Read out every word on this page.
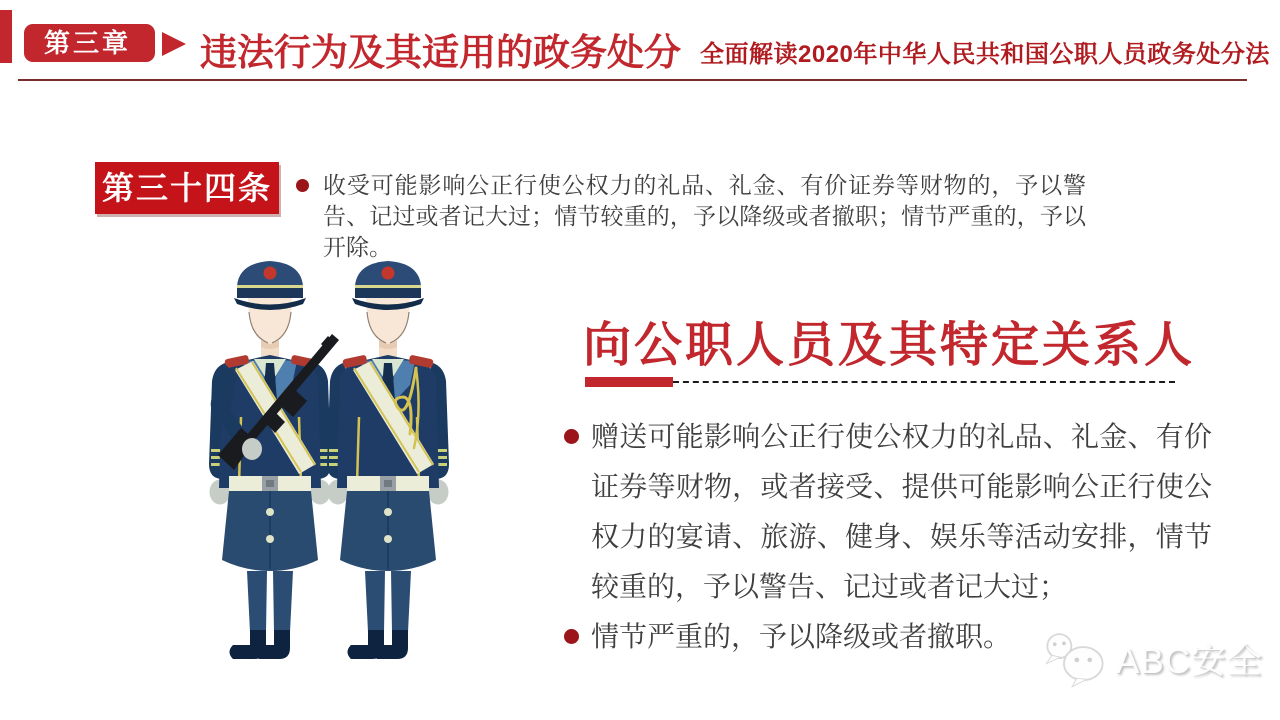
第三章	违法行为及其适用的政务处分 全面解读2020年中华人民共和国公职人员政务处分法
第三十四条	收受可能影响公正行使公权力的礼品、礼金、有价证券等财物的，予以警告、记过或者记大过；情节较重的，予以降级或者撤职；情节严重的，予以开除。

向公职人员及其特定关系人

赠送可能影响公正行使公权力的礼品、礼金、有价证券等财物，或者接受、提供可能影响公正行使公权力的宴请、旅游、健身、娱乐等活动安排，情节较重的，予以警告、记过或者记大过；

情节严重的，予以降级或者撤职。

ABC安全
